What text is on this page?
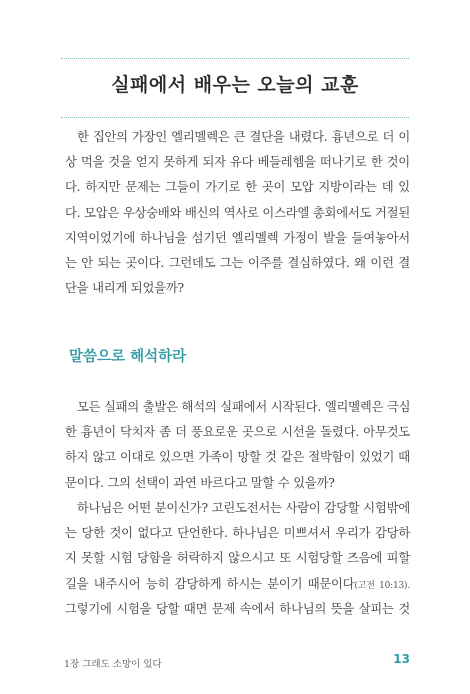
실패에서 배우는 오늘의 교훈

한 집안의 가장인 엘리멜렉은 큰 결단을 내렸다. 흉년으로 더 이
상 먹을 것을 얻지 못하게 되자 유다 베들레헴을 떠나기로 한 것이
다. 하지만 문제는 그들이 가기로 한 곳이 모압 지방이라는 데 있
다. 모압은 우상숭배와 배신의 역사로 이스라엘 총회에서도 거절된
지역이었기에 하나님을 섬기던 엘리멜렉 가정이 발을 들여놓아서
는 안 되는 곳이다. 그런데도 그는 이주를 결심하였다. 왜 이런 결
단을 내리게 되었을까?

말씀으로 해석하라

모든 실패의 출발은 해석의 실패에서 시작된다. 엘리멜렉은 극심
한 흉년이 닥치자 좀 더 풍요로운 곳으로 시선을 돌렸다. 아무것도
하지 않고 이대로 있으면 가족이 망할 것 같은 절박함이 있었기 때
문이다. 그의 선택이 과연 바르다고 말할 수 있을까?

하나님은 어떤 분이신가? 고린도전서는 사람이 감당할 시험밖에
는 당한 것이 없다고 단언한다. 하나님은 미쁘셔서 우리가 감당하
지 못할 시험 당함을 허락하지 않으시고 또 시험당할 즈음에 피할
길을 내주시어 능히 감당하게 하시는 분이기 때문이다(고전 10:13).
그렇기에 시험을 당할 때면 문제 속에서 하나님의 뜻을 살피는 것

1장 그래도 소망이 있다	13
